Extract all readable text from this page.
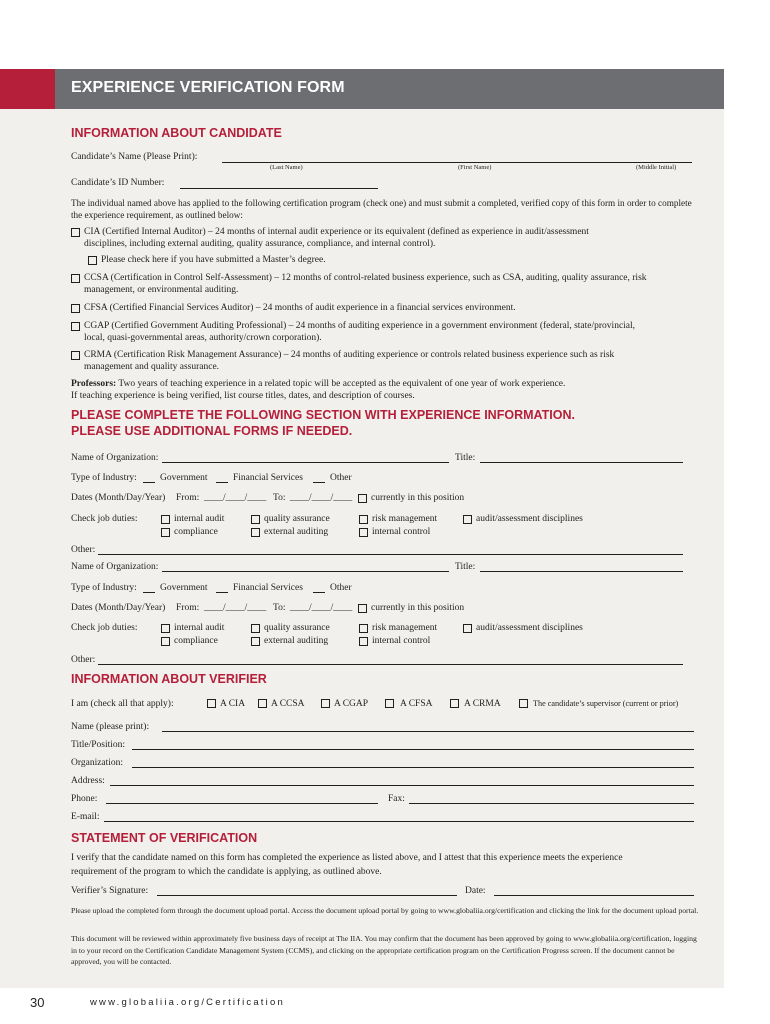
EXPERIENCE VERIFICATION FORM
INFORMATION ABOUT CANDIDATE
Candidate’s Name (Please Print):
(Last Name)	(First Name)	(Middle Initial)
Candidate’s ID Number:
The individual named above has applied to the following certification program (check one) and must submit a completed, verified copy of this form in order to complete the experience requirement, as outlined below:
CIA (Certified Internal Auditor) – 24 months of internal audit experience or its equivalent (defined as experience in audit/assessment
disciplines, including external auditing, quality assurance, compliance, and internal control).
Please check here if you have submitted a Master’s degree.
CCSA (Certification in Control Self-Assessment) – 12 months of control-related business experience, such as CSA, auditing, quality assurance, risk
management, or environmental auditing.
CFSA (Certified Financial Services Auditor) – 24 months of audit experience in a financial services environment.
CGAP (Certified Government Auditing Professional) – 24 months of auditing experience in a government environment (federal, state/provincial,
local, quasi-governmental areas, authority/crown corporation).
CRMA (Certification Risk Management Assurance) – 24 months of auditing experience or controls related business experience such as risk
management and quality assurance.
Professors: Two years of teaching experience in a related topic will be accepted as the equivalent of one year of work experience.
If teaching experience is being verified, list course titles, dates, and description of courses.
PLEASE COMPLETE THE FOLLOWING SECTION WITH EXPERIENCE INFORMATION.
PLEASE USE ADDITIONAL FORMS IF NEEDED.
Name of Organization:	Title:
Type of Industry: Government	Financial Services	Other
Dates (Month/Day/Year) From: ____/____/____ To: ____/____/____ currently in this position
Check job duties:	internal audit	quality assurance	risk management	audit/assessment disciplines
compliance	external auditing	internal control
Other:
Name of Organization:	Title:
Type of Industry: Government	Financial Services	Other
Dates (Month/Day/Year) From: ____/____/____ To: ____/____/____ currently in this position
Check job duties:	internal audit	quality assurance	risk management	audit/assessment disciplines
compliance	external auditing	internal control
Other:
INFORMATION ABOUT VERIFIER
I am (check all that apply):	A CIA	A CCSA	A CGAP	A CFSA	A CRMA	The candidate’s supervisor (current or prior)
Name (please print):
Title/Position:
Organization:
Address:
Phone:	Fax:
E-mail:
STATEMENT OF VERIFICATION
I verify that the candidate named on this form has completed the experience as listed above, and I attest that this experience meets the experience
requirement of the program to which the candidate is applying, as outlined above.
Verifier’s Signature:	Date:
Please upload the completed form through the document upload portal. Access the document upload portal by going to www.globaliia.org/certification and clicking the link for the document upload portal.
This document will be reviewed within approximately five business days of receipt at The IIA. You may confirm that the document has been approved by going to www.globaliia.org/certification, logging in to your record on the Certification Candidate Management System (CCMS), and clicking on the appropriate certification program on the Certification Progress screen. If the document cannot be approved, you will be contacted.
30	www.globaliia.org/Certification
